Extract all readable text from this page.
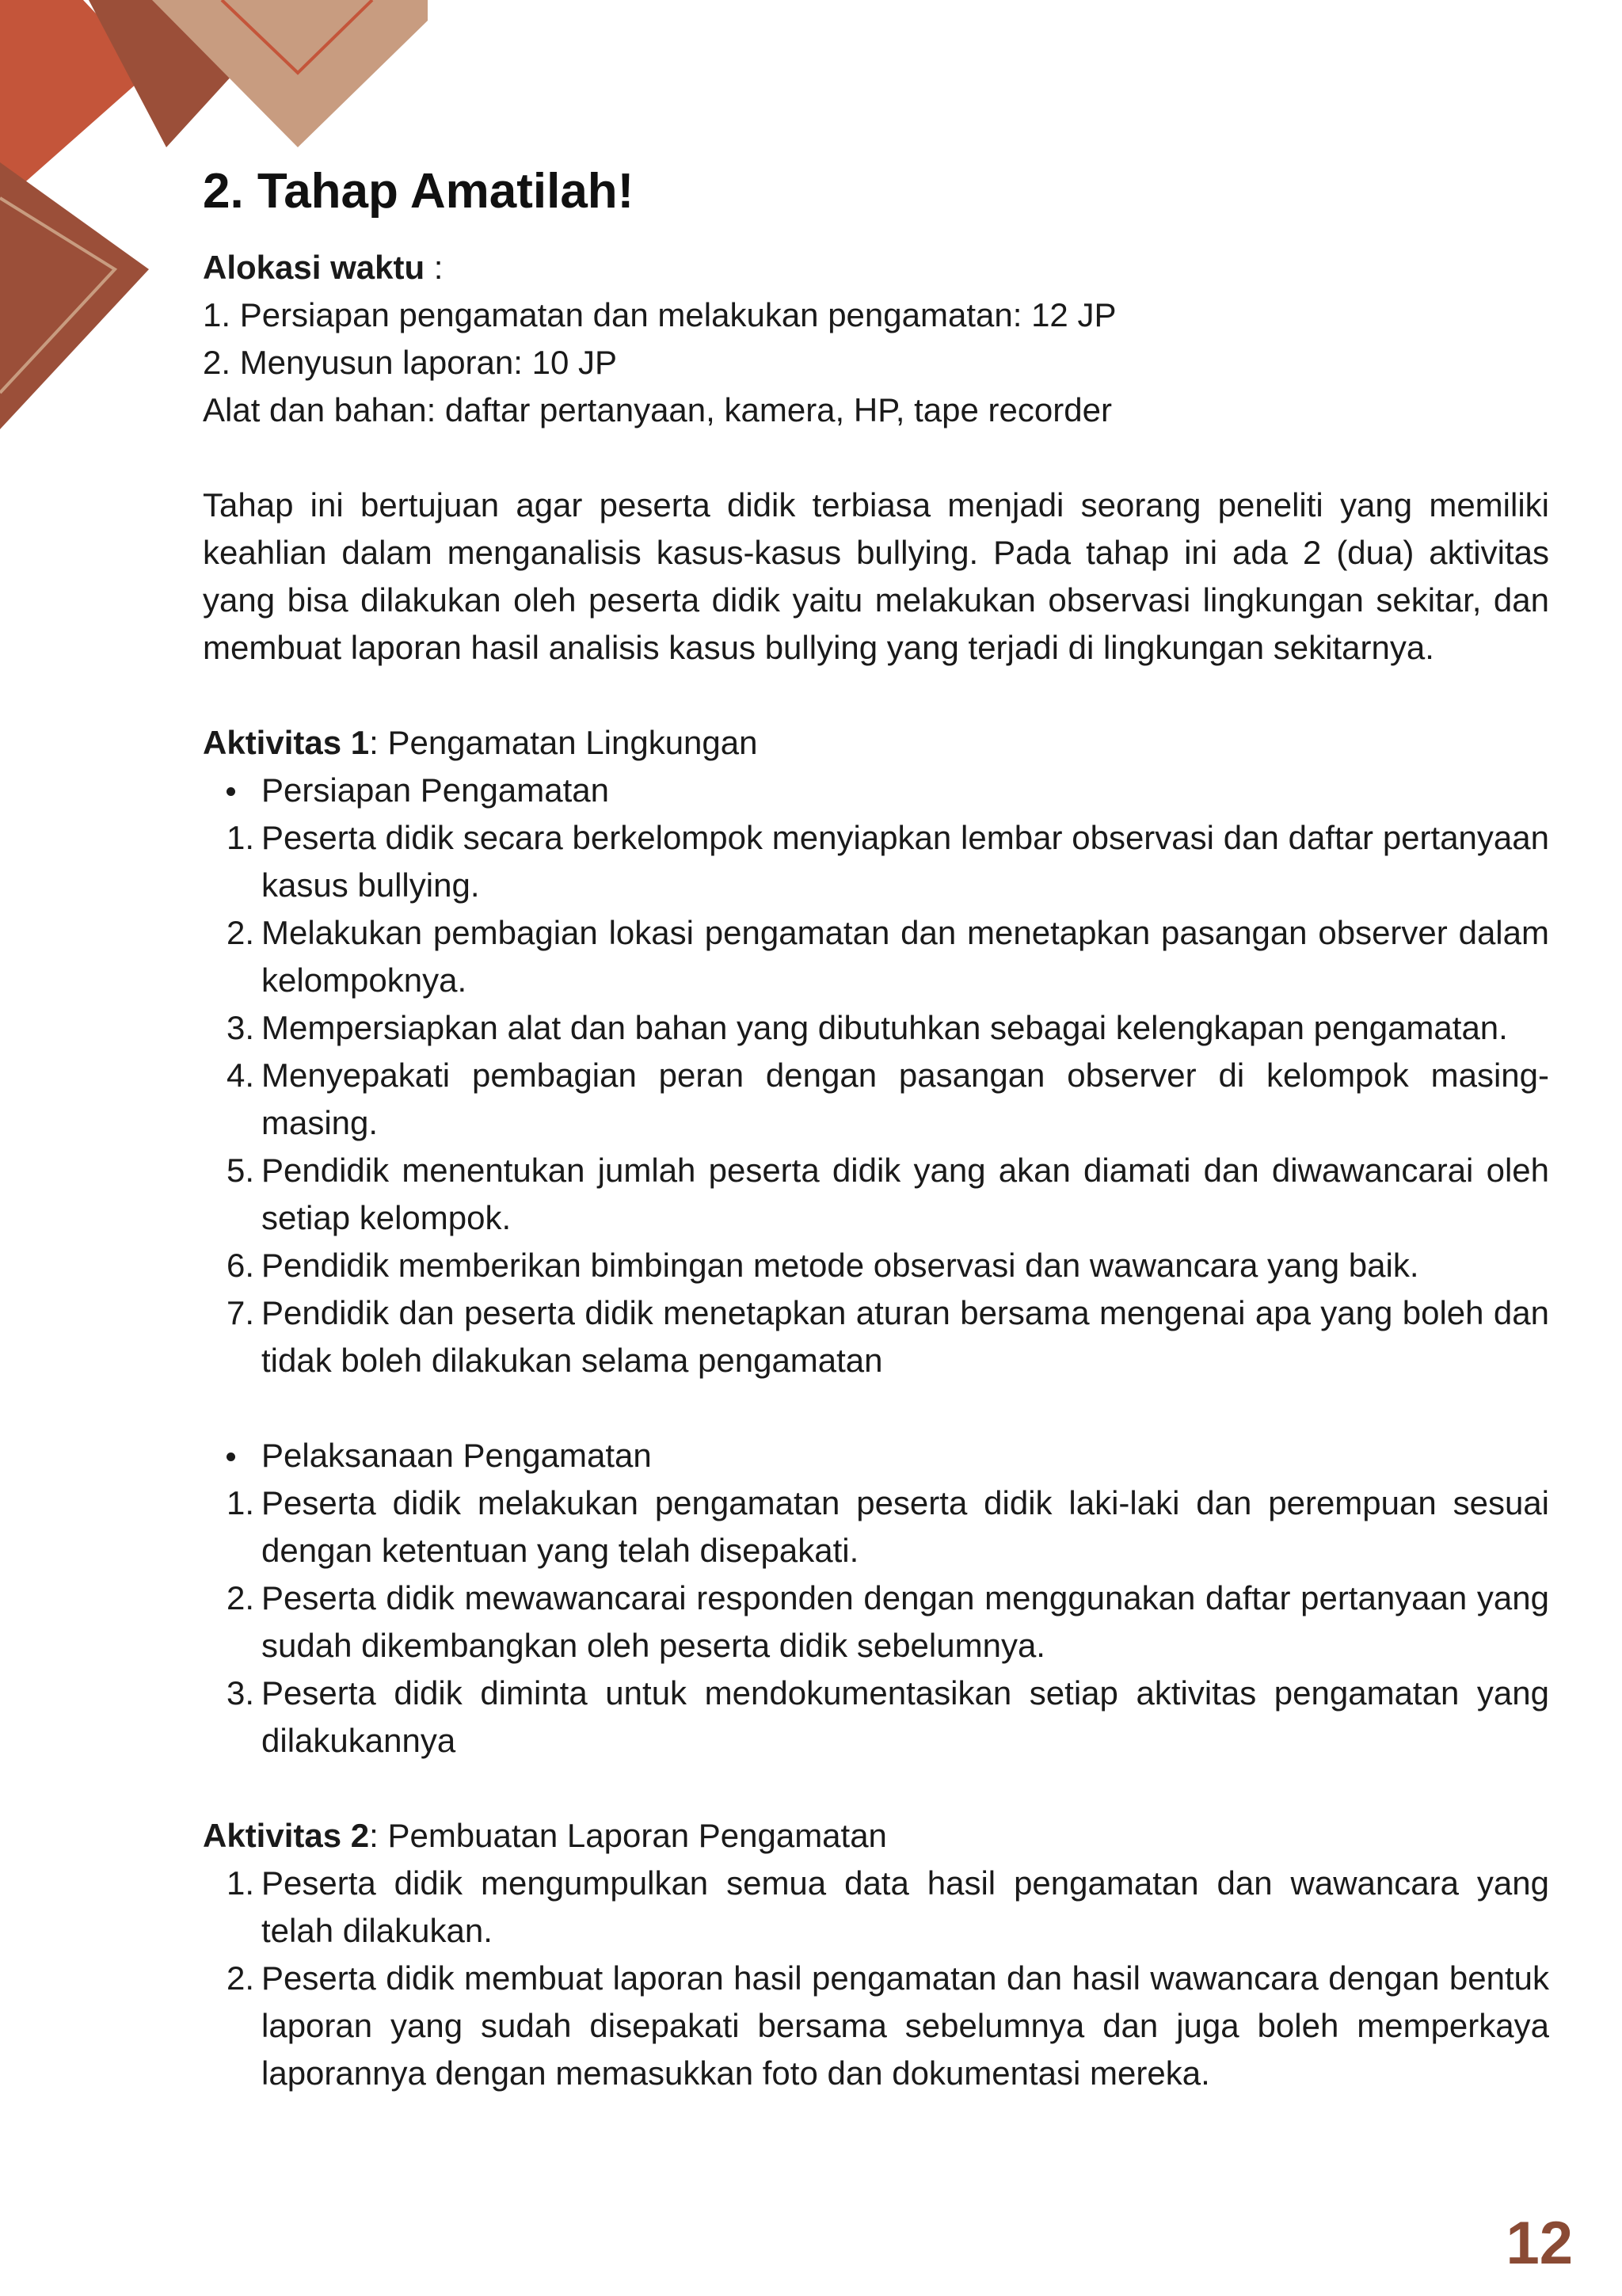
2. Tahap Amatilah!
Alokasi waktu :
1. Persiapan pengamatan dan melakukan pengamatan: 12 JP
2. Menyusun laporan: 10 JP
Alat dan bahan: daftar pertanyaan, kamera, HP, tape recorder
Tahap ini bertujuan agar peserta didik terbiasa menjadi seorang peneliti yang memiliki keahlian dalam menganalisis kasus-kasus bullying. Pada tahap ini ada 2 (dua) aktivitas yang bisa dilakukan oleh peserta didik yaitu melakukan observasi lingkungan sekitar, dan membuat laporan hasil analisis kasus bullying yang terjadi di lingkungan sekitarnya.
Aktivitas 1: Pengamatan Lingkungan
Persiapan Pengamatan
1. Peserta didik secara berkelompok menyiapkan lembar observasi dan daftar pertanyaan kasus bullying.
2. Melakukan pembagian lokasi pengamatan dan menetapkan pasangan observer dalam kelompoknya.
3. Mempersiapkan alat dan bahan yang dibutuhkan sebagai kelengkapan pengamatan.
4. Menyepakati pembagian peran dengan pasangan observer di kelompok masing-masing.
5. Pendidik menentukan jumlah peserta didik yang akan diamati dan diwawancarai oleh setiap kelompok.
6. Pendidik memberikan bimbingan metode observasi dan wawancara yang baik.
7. Pendidik dan peserta didik menetapkan aturan bersama mengenai apa yang boleh dan tidak boleh dilakukan selama pengamatan
Pelaksanaan Pengamatan
1. Peserta didik melakukan pengamatan peserta didik laki-laki dan perempuan sesuai dengan ketentuan yang telah disepakati.
2. Peserta didik mewawancarai responden dengan menggunakan daftar pertanyaan yang sudah dikembangkan oleh peserta didik sebelumnya.
3. Peserta didik diminta untuk mendokumentasikan setiap aktivitas pengamatan yang dilakukannya
Aktivitas 2: Pembuatan Laporan Pengamatan
1. Peserta didik mengumpulkan semua data hasil pengamatan dan wawancara yang telah dilakukan.
2. Peserta didik membuat laporan hasil pengamatan dan hasil wawancara dengan bentuk laporan yang sudah disepakati bersama sebelumnya dan juga boleh memperkaya laporannya dengan memasukkan foto dan dokumentasi mereka.
12
